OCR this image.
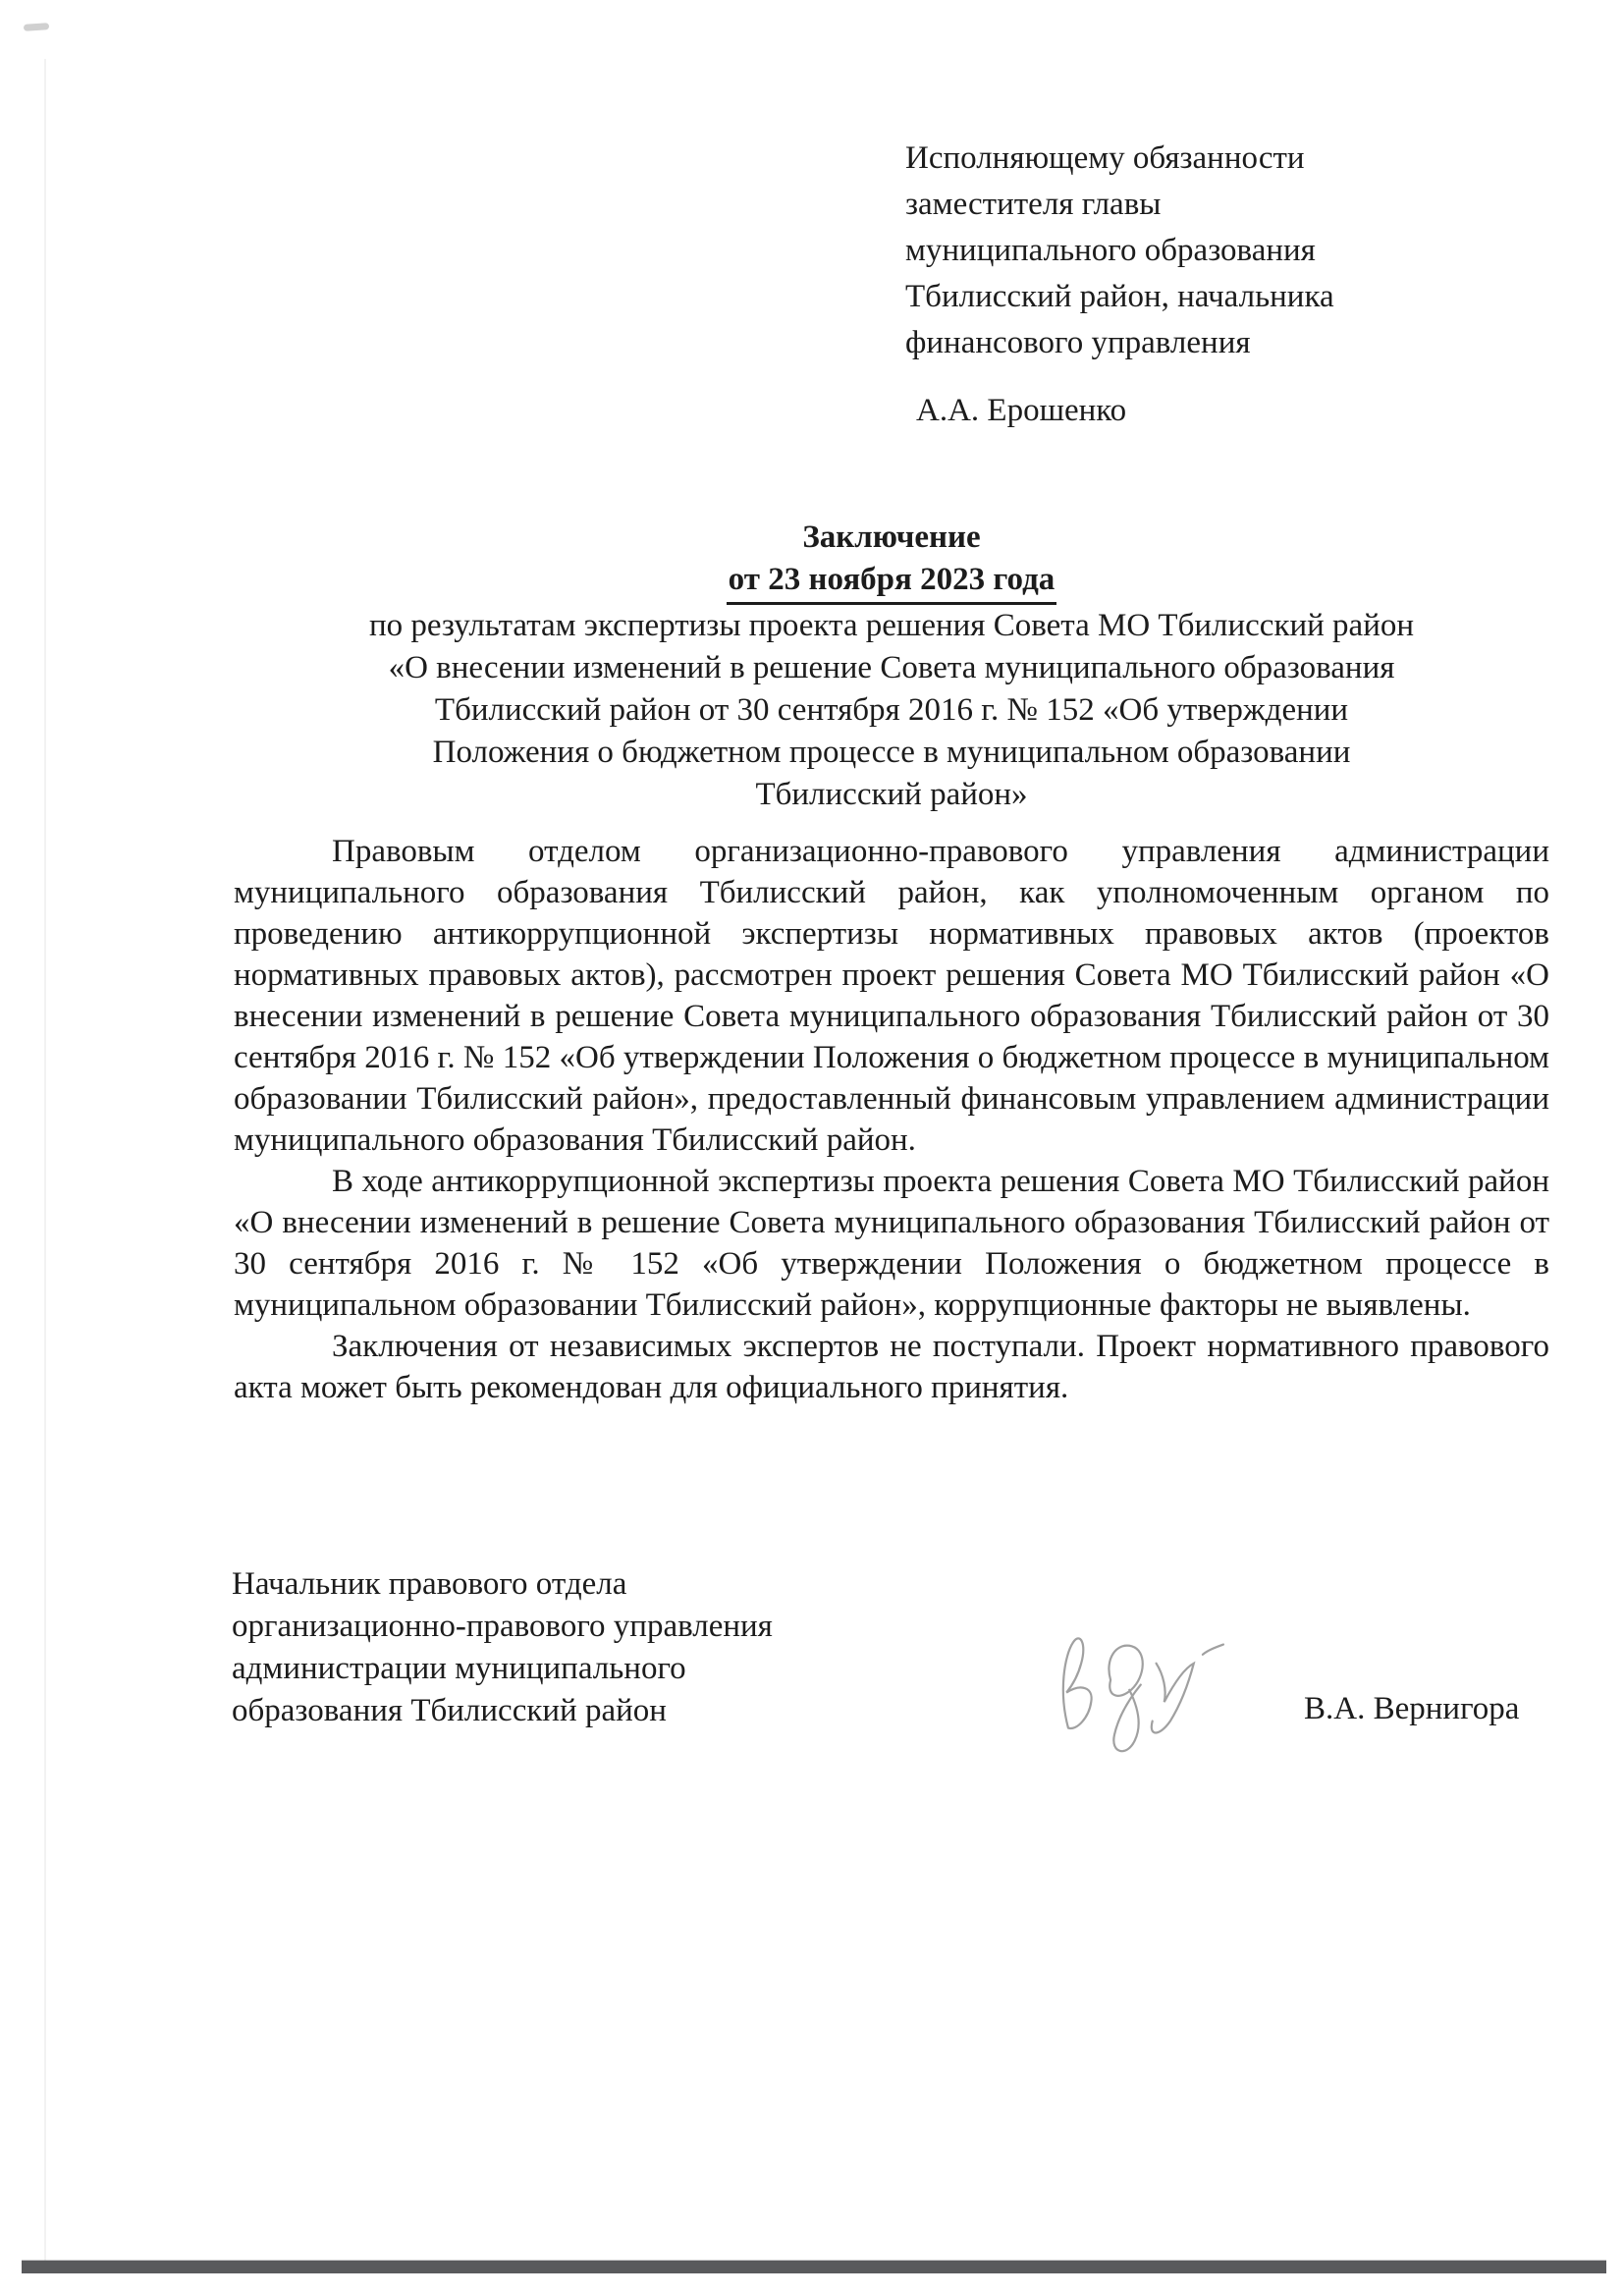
Исполняющему обязанности
заместителя главы
муниципального образования
Тбилисский район, начальника
финансового управления
А.А. Ерошенко
Заключение
от 23 ноября 2023 года
по результатам экспертизы проекта решения Совета МО Тбилисский район
«О внесении изменений в решение Совета муниципального образования
Тбилисский район от 30 сентября 2016 г. № 152 «Об утверждении
Положения о бюджетном процессе в муниципальном образовании
Тбилисский район»

Правовым отделом организационно-правового управления администрации муниципального образования Тбилисский район, как уполномоченным органом по проведению антикоррупционной экспертизы нормативных правовых актов (проектов нормативных правовых актов), рассмотрен проект решения Совета МО Тбилисский район «О внесении изменений в решение Совета муниципального образования Тбилисский район от 30 сентября 2016 г. № 152 «Об утверждении Положения о бюджетном процессе в муниципальном образовании Тбилисский район», предоставленный финансовым управлением администрации муниципального образования Тбилисский район.

В ходе антикоррупционной экспертизы проекта решения Совета МО Тбилисский район «О внесении изменений в решение Совета муниципального образования Тбилисский район от 30 сентября 2016 г. № 152 «Об утверждении Положения о бюджетном процессе в муниципальном образовании Тбилисский район», коррупционные факторы не выявлены.

Заключения от независимых экспертов не поступали. Проект нормативного правового акта может быть рекомендован для официального принятия.

Начальник правового отдела
организационно-правового управления
администрации муниципального
образования Тбилисский район	В.А. Вернигора
